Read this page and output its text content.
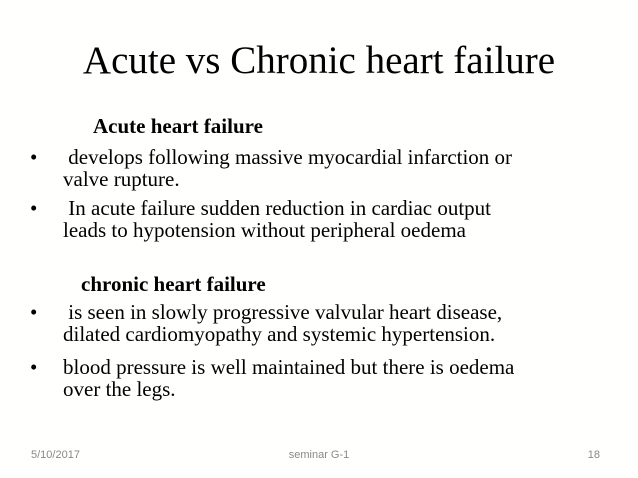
Acute vs Chronic heart failure
Acute heart failure
•	develops following massive myocardial infarction or
valve rupture.
•	In acute failure sudden reduction in cardiac output
leads to hypotension without peripheral oedema
chronic heart failure
•	is seen in slowly progressive valvular heart disease,
dilated cardiomyopathy and systemic hypertension.
•	blood pressure is well maintained but there is oedema
over the legs.
5/10/2017	seminar G-1	18
